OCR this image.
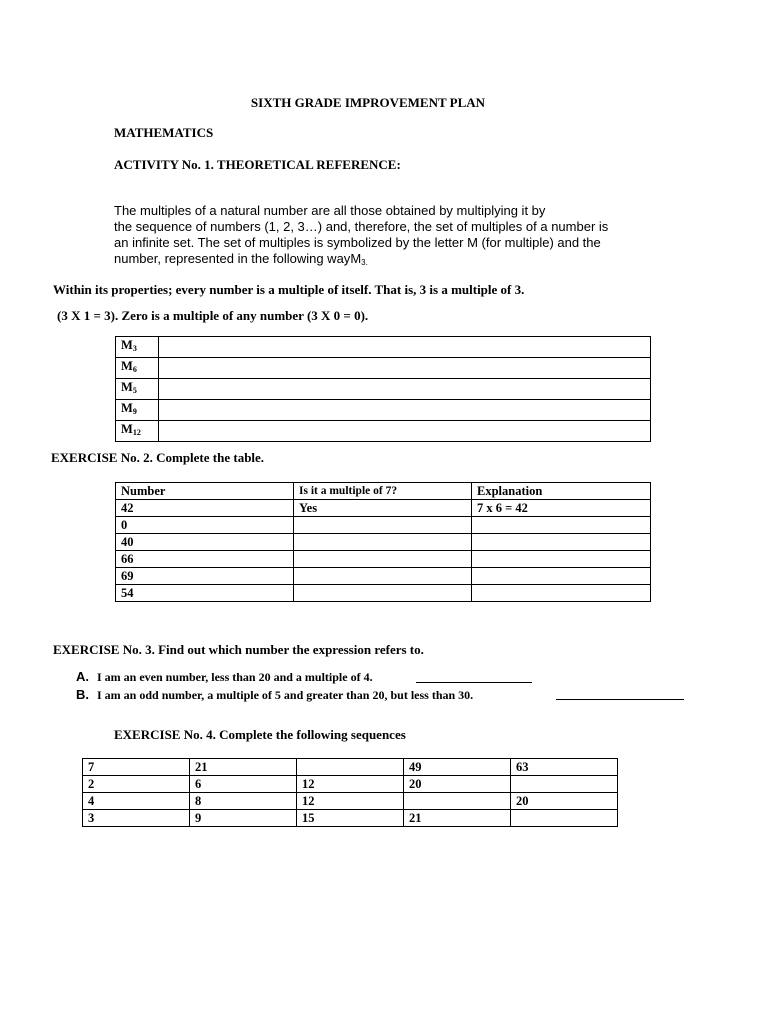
SIXTH GRADE IMPROVEMENT PLAN
MATHEMATICS
ACTIVITY No. 1. THEORETICAL REFERENCE:
The multiples of a natural number are all those obtained by multiplying it by
the sequence of numbers (1, 2, 3…) and, therefore, the set of multiples of a number is
an infinite set. The set of multiples is symbolized by the letter M (for multiple) and the
number, represented in the following wayM$_{3.}$
Within its properties; every number is a multiple of itself. That is, 3 is a multiple of 3.
(3 X 1 = 3). Zero is a multiple of any number (3 X 0 = 0).
$M_3$	
$M_6$	
$M_5$	
$M_9$	
$M_{12}$	
EXERCISE No. 2. Complete the table.
Number	Is it a multiple of 7?	Explanation
42	Yes	7 x 6 = 42
0		
40		
66		
69		
54		
EXERCISE No. 3. Find out which number the expression refers to.
A. I am an even number, less than 20 and a multiple of 4.
B. I am an odd number, a multiple of 5 and greater than 20, but less than 30.
EXERCISE No. 4. Complete the following sequences
7	21		49	63
2	6	12	20	
4	8	12		20
3	9	15	21	
